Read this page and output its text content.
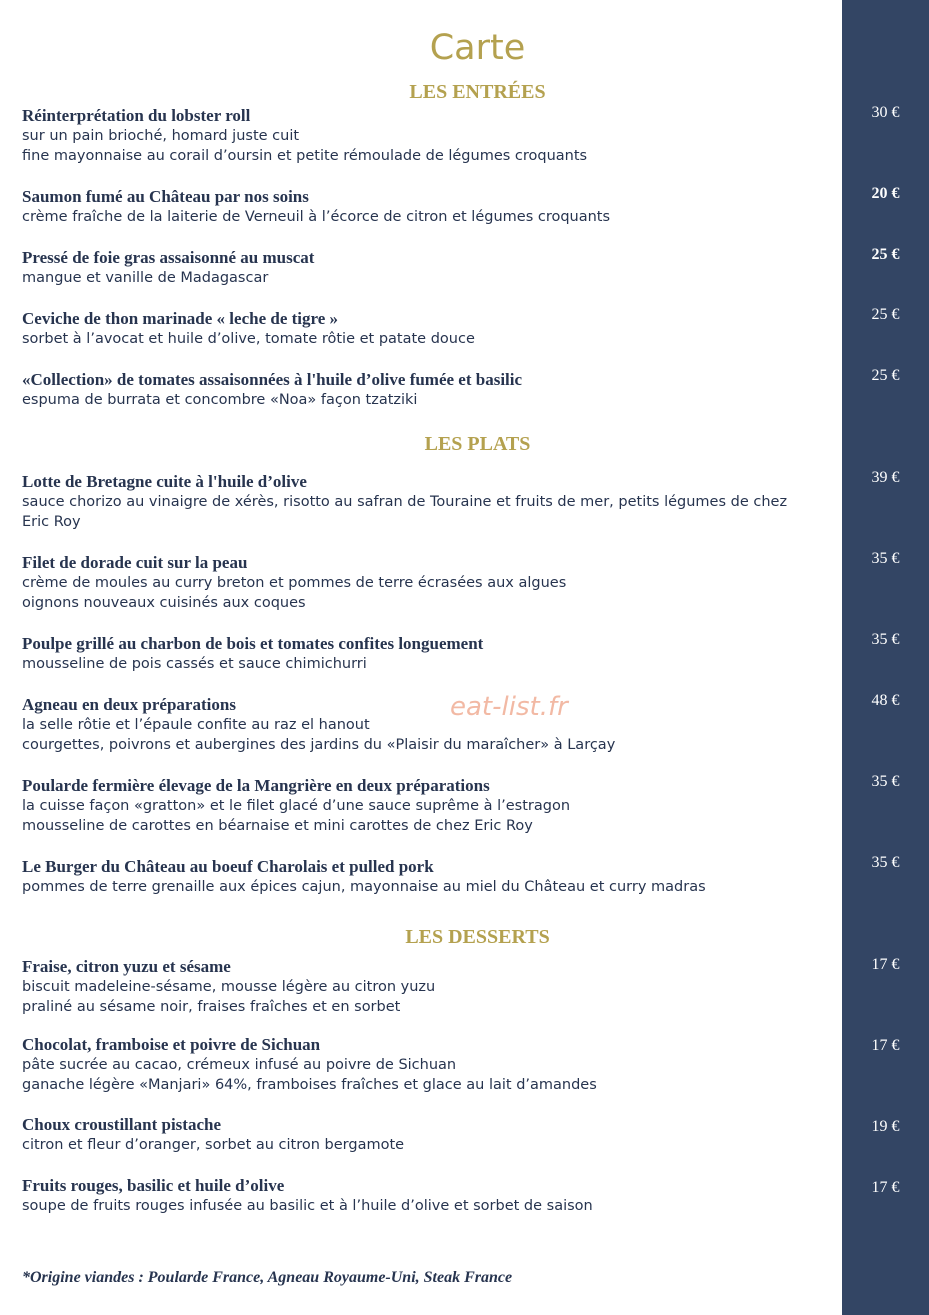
Carte
LES ENTRÉES
Réinterprétation du lobster roll
sur un pain brioché, homard juste cuit
fine mayonnaise au corail d’oursin et petite rémoulade de légumes croquants
30 €
Saumon fumé au Château par nos soins
crème fraîche de la laiterie de Verneuil à l’écorce de citron et légumes croquants
20 €
Pressé de foie gras assaisonné au muscat
mangue et vanille de Madagascar
25 €
Ceviche de thon marinade « leche de tigre »
sorbet à l’avocat et huile d’olive, tomate rôtie et patate douce
25 €
«Collection» de tomates assaisonnées à l'huile d’olive fumée et basilic
espuma de burrata et concombre «Noa» façon tzatziki
25 €
LES PLATS
Lotte de Bretagne cuite à l'huile d’olive
sauce chorizo au vinaigre de xérès, risotto au safran de Touraine et fruits de mer, petits légumes de chez Eric Roy
39 €
Filet de dorade cuit sur la peau
crème de moules au curry breton et pommes de terre écrasées aux algues
oignons nouveaux cuisinés aux coques
35 €
Poulpe grillé au charbon de bois et tomates confites longuement
mousseline de pois cassés et sauce chimichurri
35 €
Agneau en deux préparations
la selle rôtie et l’épaule confite au raz el hanout
courgettes, poivrons et aubergines des jardins du «Plaisir du maraîcher» à Larçay
48 €
Poularde fermière élevage de la Mangrière en deux préparations
la cuisse façon «gratton» et le filet glacé d’une sauce suprême à l’estragon
mousseline de carottes en béarnaise et mini carottes de chez Eric Roy
35 €
Le Burger du Château au boeuf Charolais et pulled pork
pommes de terre grenaille aux épices cajun, mayonnaise au miel du Château et curry madras
35 €
LES DESSERTS
Fraise, citron yuzu et sésame
biscuit madeleine-sésame, mousse légère au citron yuzu
praliné au sésame noir, fraises fraîches et en sorbet
17 €
Chocolat, framboise et poivre de Sichuan
pâte sucrée au cacao, crémeux infusé au poivre de Sichuan
ganache légère «Manjari» 64%, framboises fraîches et glace au lait d’amandes
17 €
Choux croustillant pistache
citron et fleur d’oranger, sorbet au citron bergamote
19 €
Fruits rouges, basilic et huile d’olive
soupe de fruits rouges infusée au basilic et à l’huile d’olive et sorbet de saison
17 €
eat-list.fr
*Origine viandes : Poularde France, Agneau Royaume-Uni, Steak France
